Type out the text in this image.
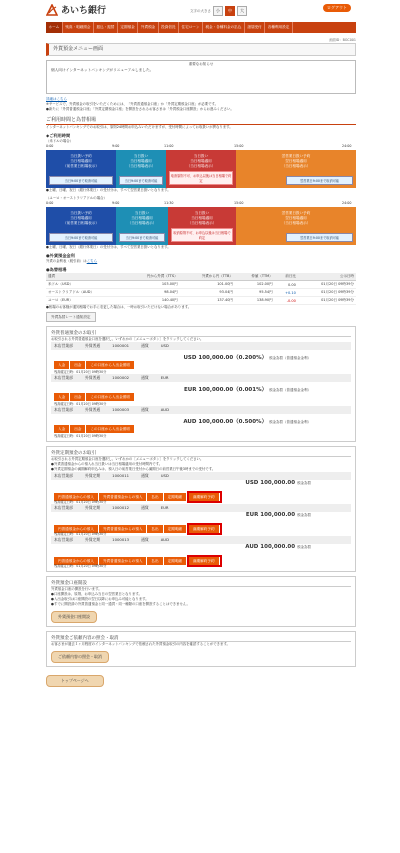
あいち銀行	文字の大きさ	小	中	大
ログアウト
ホーム	残高・明細照会	振込・振替	定期預金	外貨預金	投資信託	住宅ローン	税金・各種料金の払込	諸届受付	各種利用設定
画面ID：BGC001
外貨預金メニュー画面
重要なお知らせ
個人向けインターネットバンキングがリニューアルしました。
詳細はこちら
※サービスで、外貨預金の取引をいただくためには、「外貨普通預金口座」か「外貨定期預金口座」が必要です。
●新たに「外貨普通預金口座」「外貨定期預金口座」を開設をされるお客さまは「外貨預金口座開設」からお進みください。
ご利用時間と為替相場
インターネットバンキングでのお取引は、原則24時間お申込みいただけますが、受付時間によってお取扱いが異なります。
◆ご利用時間
（米ドルの場合）
0:00	9:00	11:00	15:00	24:00
当日扱い予約
当日相場適用
（前営業日相場表示）
当日9:00まで取消可能
当日扱い
当日相場適用
（当日相場表示）
当日9:00まで取消可能
当日扱い
当日相場適用
（当日相場表示）
取消原則不可、お申込以後は当日相場で約定
翌営業日扱い予約
翌日相場適用
（当日相場表示）
翌営業日9:00まで取消可能
●土曜、日曜、祝日（銀行休業日）の受付分は、すべて翌営業日扱いとなります。
（ユーロ・オーストラリアドルの場合）
0:00	9:00	11:30	15:00	24:00
当日扱い予約
当日相場適用
（前営業日相場表示）
当日9:00まで取消可能
当日扱い
当日相場適用
（当日相場表示）
当日9:00まで取消可能
当日扱い
当日相場適用
（当日相場表示）
取消原則不可、お申込以後は当日相場で約定
翌営業日扱い予約
翌日相場適用
（当日相場表示）
翌営業日9:00まで取消可能
●土曜、日曜、祝日（銀行休業日）の受付分は、すべて翌営業日扱いとなります。
●外貨預金金利
外貨の金利表（税引前）はこちら
●為替相場
通貨	円から外貨（TTS）	外貨から円（TTB）	仲値（TTM）	前日比	公示日時
米ドル（USD）	103.00円	101.00円	102.00円	0.00	01月20日 09時39分
オーストラリアドル（AUD）	98.04円	93.04円	95.54円	+0.10	01月20日 09時39分
ユーロ（EUR）	140.40円	137.40円	138.90円	-0.00	01月20日 09時39分
●相場のお客様が通知相場でお手に変更した場合は、一時お取引いただけない場合があります。
外貨為替レート通知設定
外貨普通預金のお取引
お取引される外貨普通預金口座を選択し、いずれかの［メニューボタン］をクリックしてください。
本店営業部	外貨普通	1000001	通貨	USD
USD 100,000.00（0.200%） 預金為替（普通預金金利）
入金	出金	この口座から入出金照明
残高確定日時：01月20日 09時30分
本店営業部	外貨普通	1000002	通貨	EUR
EUR 100,000.00（0.001%） 預金為替（普通預金金利）
入金	出金	この口座から入出金照明
残高確定日時：01月20日 09時30分
本店営業部	外貨普通	1000003	通貨	AUD
AUD 100,000.00（0.500%） 預金為替（普通預金金利）
入金	出金	この口座から入出金照明
残高確定日時：01月20日 09時30分
外貨定期預金のお取引
お取引される外貨定期預金口座を選択し、いずれかの［メニューボタン］をクリックしてください。
●外貨普通預金からの預入れ当日扱いは当日相場適用の受付時間内です。
●外貨定期預金の満期解約申込みは、預入日の前営業日受付から満期日の前営業日午後3時までの受付です。
本店営業部	外貨定期	1000011	通貨	USD
USD 100,000.00 預金為替
円普通預金からの預入	外貨普通預金からの預入	払出	定期明細	満期解約予約
残高確定日時：01月20日 09時30分
本店営業部	外貨定期	1000012	通貨	EUR
EUR 100,000.00 預金為替
円普通預金からの預入	外貨普通預金からの預入	払出	定期明細	満期解約予約
残高確定日時：01月20日 09時30分
本店営業部	外貨定期	1000013	通貨	AUD
AUD 100,000.00 預金為替
円普通預金からの預入	外貨普通預金からの預入	払出	定期明細	満期解約予約
残高確定日時：01月20日 09時30分
外貨預金口座開設
外貨預金口座の開設を行います。
●口座開設は、原則、お申込み当日の翌営業日となります。
●入出金取引は口座開設の翌日以降にお申込み可能となります。
●すでに開設済の外貨普通預金と同一通貨・同一種類の口座を開設することはできません。
外貨預金口座開設
外貨預金ご依頼内容の照会・取消
お客さまが過去１ヶ月程度のインターネットバンキングで依頼された外貨預金取引の内容を確認することができます。
ご依頼内容の照会・取消
トップページへ
